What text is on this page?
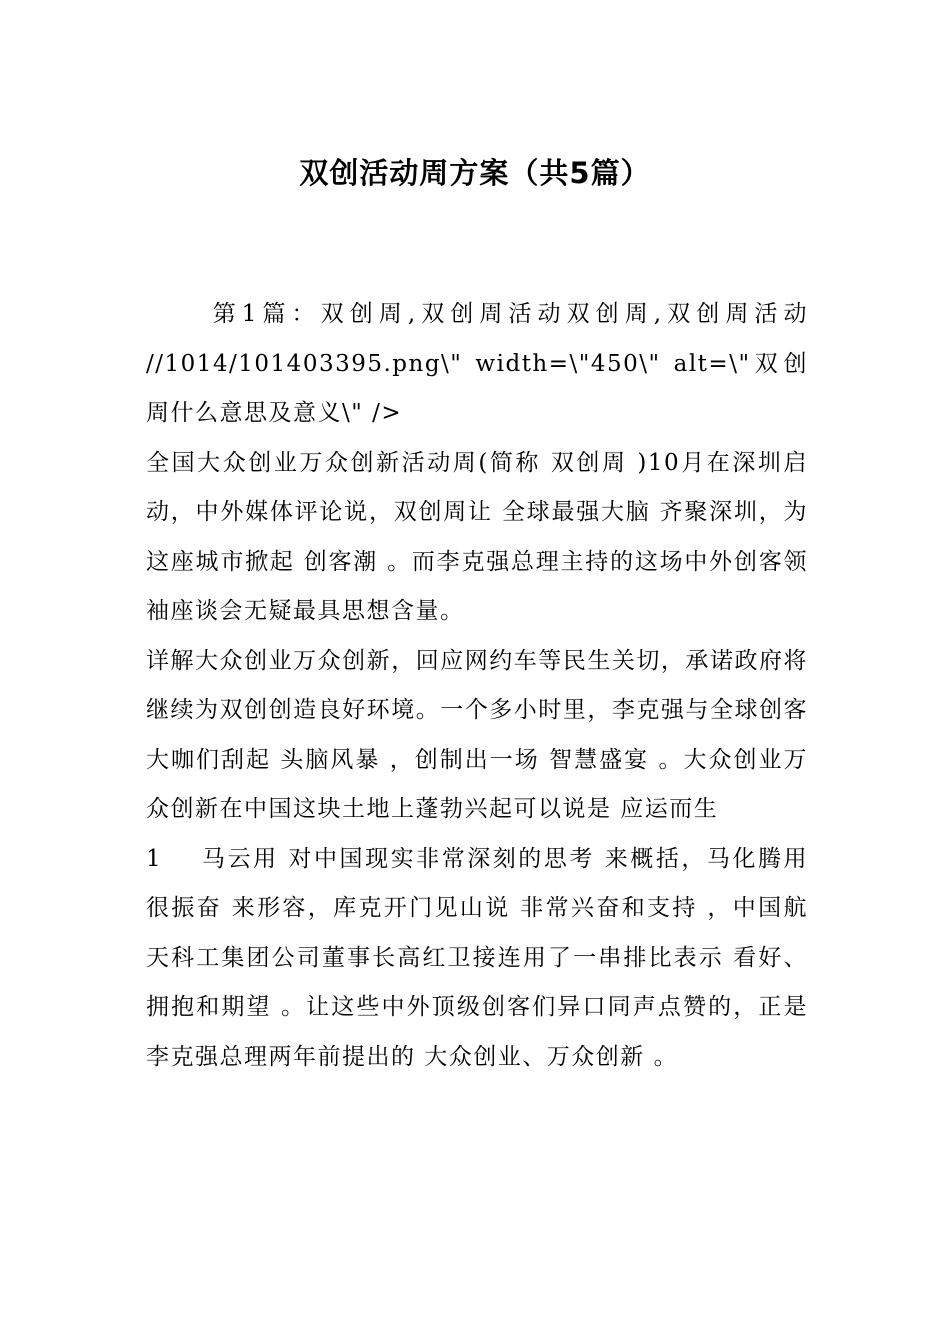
双创活动周方案（共5篇）

第1篇：双创周,双创周活动双创周,双创周活动 //1014/101403395.png\" width=\"450\" alt=\"双创周什么意思及意义\" />

全国大众创业万众创新活动周(简称 双创周 )10月在深圳启动，中外媒体评论说，双创周让 全球最强大脑 齐聚深圳，为这座城市掀起 创客潮 。而李克强总理主持的这场中外创客领袖座谈会无疑最具思想含量。

详解大众创业万众创新，回应网约车等民生关切，承诺政府将继续为双创创造良好环境。一个多小时里，李克强与全球创客大咖们刮起 头脑风暴 ，创制出一场 智慧盛宴 。大众创业万众创新在中国这块土地上蓬勃兴起可以说是 应运而生

1 马云用 对中国现实非常深刻的思考 来概括，马化腾用 很振奋 来形容，库克开门见山说 非常兴奋和支持 ，中国航天科工集团公司董事长高红卫接连用了一串排比表示 看好、拥抱和期望 。让这些中外顶级创客们异口同声点赞的，正是李克强总理两年前提出的 大众创业、万众创新 。
